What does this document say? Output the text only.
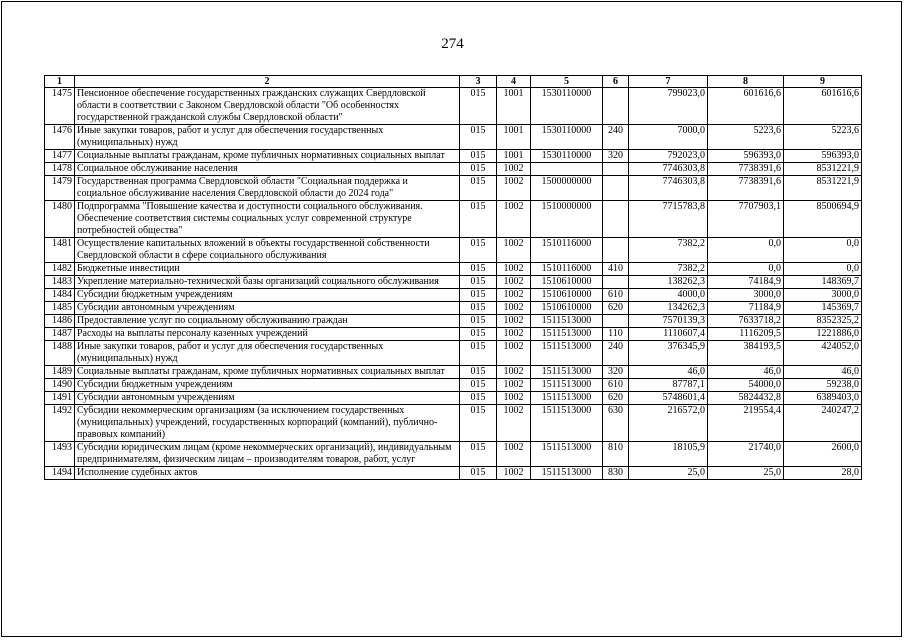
274
1	2	3	4	5	6	7	8	9
1475	Пенсионное обеспечение государственных гражданских служащих Свердловской области в соответствии с Законом Свердловской области "Об особенностях государственной гражданской службы Свердловской области"	015	1001	1530110000		799023,0	601616,6	601616,6
1476	Иные закупки товаров, работ и услуг для обеспечения государственных (муниципальных) нужд	015	1001	1530110000	240	7000,0	5223,6	5223,6
1477	Социальные выплаты гражданам, кроме публичных нормативных социальных выплат	015	1001	1530110000	320	792023,0	596393,0	596393,0
1478	Социальное обслуживание населения	015	1002			7746303,8	7738391,6	8531221,9
1479	Государственная программа Свердловской области "Социальная поддержка и социальное обслуживание населения Свердловской области до 2024 года"	015	1002	1500000000		7746303,8	7738391,6	8531221,9
1480	Подпрограмма "Повышение качества и доступности социального обслуживания. Обеспечение соответствия системы социальных услуг современной структуре потребностей общества"	015	1002	1510000000		7715783,8	7707903,1	8500694,9
1481	Осуществление капитальных вложений в объекты государственной собственности Свердловской области в сфере социального обслуживания	015	1002	1510116000		7382,2	0,0	0,0
1482	Бюджетные инвестиции	015	1002	1510116000	410	7382,2	0,0	0,0
1483	Укрепление материально-технической базы организаций социального обслуживания	015	1002	1510610000		138262,3	74184,9	148369,7
1484	Субсидии бюджетным учреждениям	015	1002	1510610000	610	4000,0	3000,0	3000,0
1485	Субсидии автономным учреждениям	015	1002	1510610000	620	134262,3	71184,9	145369,7
1486	Предоставление услуг по социальному обслуживанию граждан	015	1002	1511513000		7570139,3	7633718,2	8352325,2
1487	Расходы на выплаты персоналу казенных учреждений	015	1002	1511513000	110	1110607,4	1116209,5	1221886,0
1488	Иные закупки товаров, работ и услуг для обеспечения государственных (муниципальных) нужд	015	1002	1511513000	240	376345,9	384193,5	424052,0
1489	Социальные выплаты гражданам, кроме публичных нормативных социальных выплат	015	1002	1511513000	320	46,0	46,0	46,0
1490	Субсидии бюджетным учреждениям	015	1002	1511513000	610	87787,1	54000,0	59238,0
1491	Субсидии автономным учреждениям	015	1002	1511513000	620	5748601,4	5824432,8	6389403,0
1492	Субсидии некоммерческим организациям (за исключением государственных (муниципальных) учреждений, государственных корпораций (компаний), публично-правовых компаний)	015	1002	1511513000	630	216572,0	219554,4	240247,2
1493	Субсидии юридическим лицам (кроме некоммерческих организаций), индивидуальным предпринимателям, физическим лицам – производителям товаров, работ, услуг	015	1002	1511513000	810	18105,9	21740,0	2600,0
1494	Исполнение судебных актов	015	1002	1511513000	830	25,0	25,0	28,0
